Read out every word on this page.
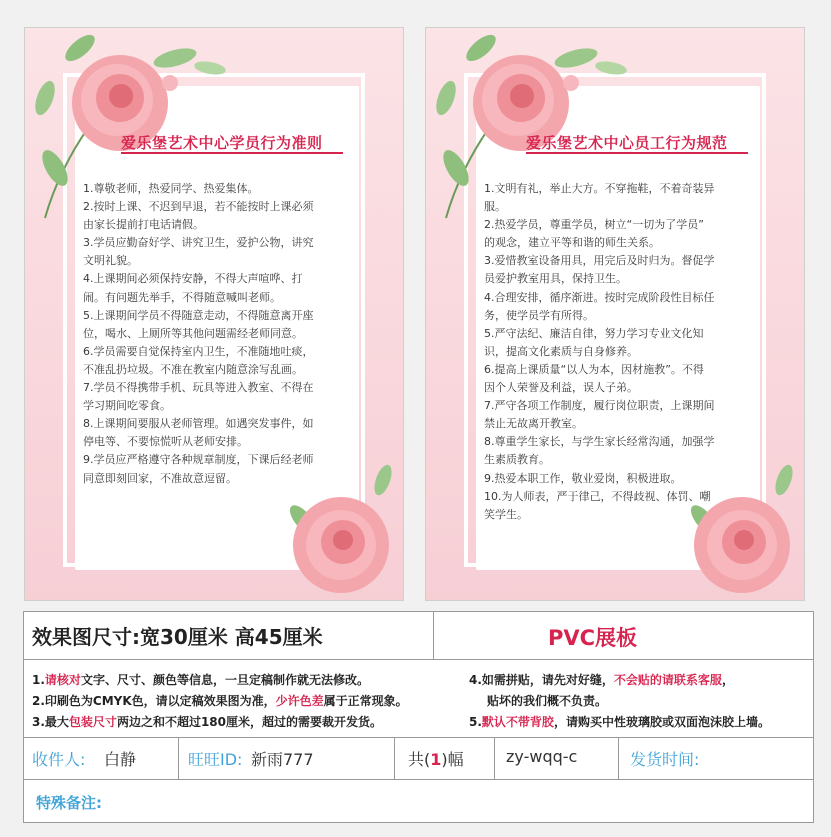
爱乐堡艺术中心学员行为准则
1.尊敬老师，热爱同学、热爱集体。
2.按时上课、不迟到早退，若不能按时上课必须
由家长提前打电话请假。
3.学员应勤奋好学、讲究卫生，爱护公物，讲究
文明礼貌。
4.上课期间必须保持安静，不得大声喧哗、打
闹。有问题先举手，不得随意喊叫老师。
5.上课期间学员不得随意走动，不得随意离开座
位，喝水、上厕所等其他问题需经老师同意。
6.学员需要自觉保持室内卫生，不准随地吐痰，
不准乱扔垃圾。不准在教室内随意涂写乱画。
7.学员不得携带手机、玩具等进入教室、不得在
学习期间吃零食。
8.上课期间要服从老师管理。如遇突发事件，如
停电等、不要惊慌听从老师安排。
9.学员应严格遵守各种规章制度，下课后经老师
同意即刻回家，不准故意逗留。
爱乐堡艺术中心员工行为规范
1.文明有礼，举止大方。不穿拖鞋，不着奇装异
服。
2.热爱学员，尊重学员，树立“一切为了学员”
的观念，建立平等和谐的师生关系。
3.爱惜教室设备用具，用完后及时归为。督促学
员爱护教室用具，保持卫生。
4.合理安排，循序渐进。按时完成阶段性目标任
务，使学员学有所得。
5.严守法纪、廉洁自律，努力学习专业文化知
识，提高文化素质与自身修养。
6.提高上课质量“以人为本，因材施教”。不得
因个人荣誉及利益，误人子弟。
7.严守各项工作制度，履行岗位职责，上课期间
禁止无故离开教室。
8.尊重学生家长，与学生家长经常沟通，加强学
生素质教育。
9.热爱本职工作，敬业爱岗，积极进取。
10.为人师表，严于律己，不得歧视、体罚、嘲
笑学生。
效果图尺寸:宽30厘米 高45厘米	PVC展板
1.请核对文字、尺寸、颜色等信息，一旦定稿制作就无法修改。
2.印刷色为CMYK色，请以定稿效果图为准，少许色差属于正常现象。
3.最大包装尺寸两边之和不超过180厘米，超过的需要裁开发货。
4.如需拼贴，请先对好缝，不会贴的请联系客服，
贴坏的我们概不负责。
5.默认不带背胶，请购买中性玻璃胶或双面泡沫胶上墙。
收件人: 白静	旺旺ID: 新雨777	共(1)幅	zy-wqq-c	发货时间:
特殊备注:
